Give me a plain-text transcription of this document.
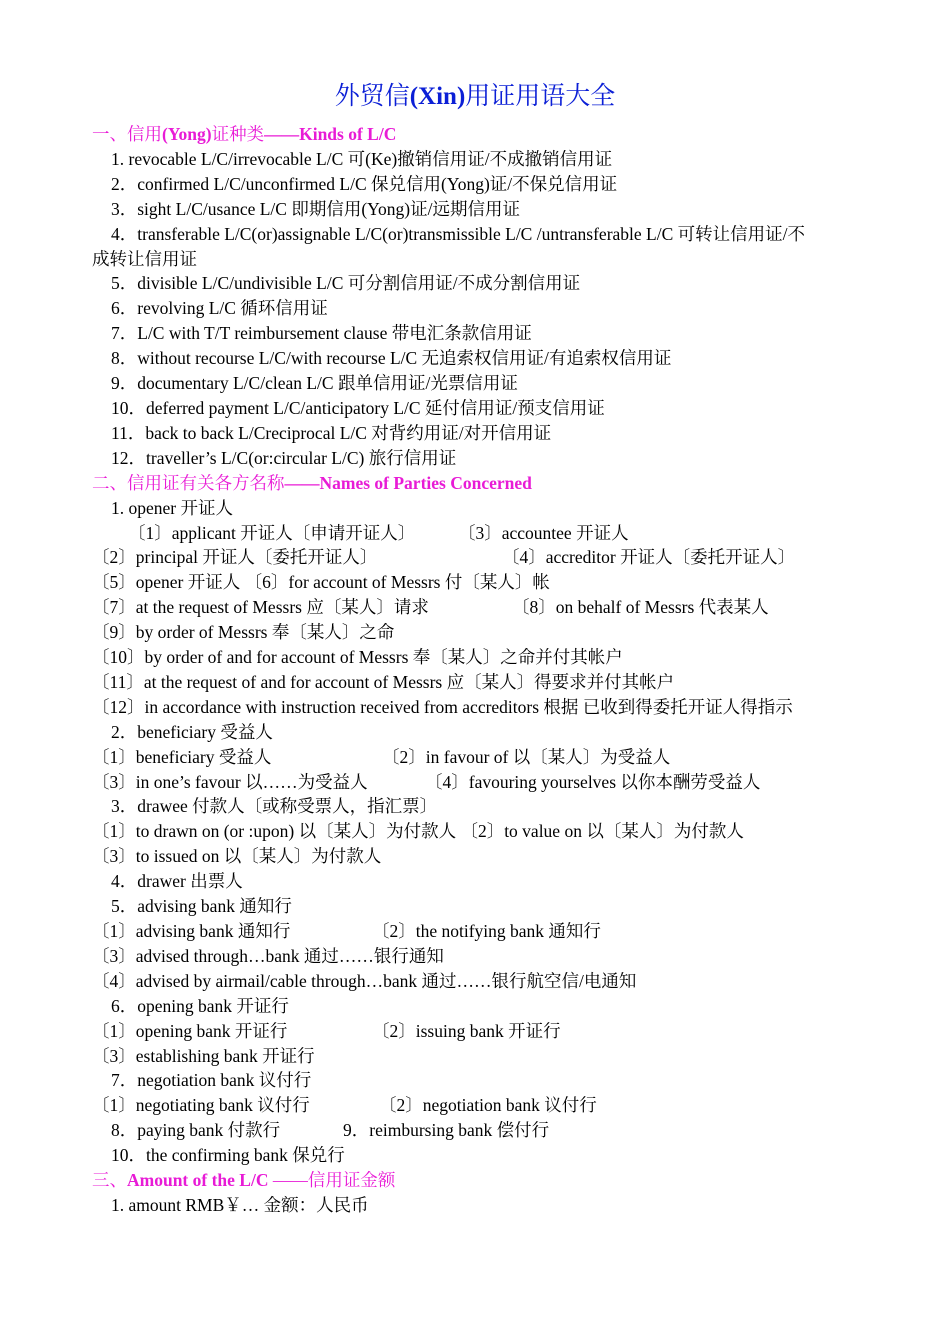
外贸信(Xin)用证用语大全
一、信用(Yong)证种类——Kinds of L/C
1. revocable L/C/irrevocable L/C 可(Ke)撤销信用证/不成撤销信用证
2．confirmed L/C/unconfirmed L/C 保兑信用(Yong)证/不保兑信用证
3．sight L/C/usance L/C 即期信用(Yong)证/远期信用证
4．transferable L/C(or)assignable L/C(or)transmissible L/C /untransferable L/C 可转让信用证/不
成转让信用证
5．divisible L/C/undivisible L/C 可分割信用证/不成分割信用证
6．revolving L/C 循环信用证
7．L/C with T/T reimbursement clause 带电汇条款信用证
8．without recourse L/C/with recourse L/C 无追索权信用证/有追索权信用证
9．documentary L/C/clean L/C 跟单信用证/光票信用证
10．deferred payment L/C/anticipatory L/C 延付信用证/预支信用证
11．back to back L/Creciprocal L/C 对背约用证/对开信用证
12．traveller’s L/C(or:circular L/C) 旅行信用证
二、信用证有关各方名称——Names of Parties Concerned
1. opener 开证人
〔1〕applicant 开证人〔申请开证人〕 〔3〕accountee 开证人
〔2〕principal 开证人〔委托开证人〕	〔4〕accreditor 开证人〔委托开证人〕
〔5〕opener 开证人 〔6〕for account of Messrs 付〔某人〕帐
〔7〕at the request of Messrs 应〔某人〕请求	〔8〕on behalf of Messrs 代表某人
〔9〕by order of Messrs 奉〔某人〕之命
〔10〕by order of and for account of Messrs 奉〔某人〕之命并付其帐户
〔11〕at the request of and for account of Messrs 应〔某人〕得要求并付其帐户
〔12〕in accordance with instruction received from accreditors 根据 已收到得委托开证人得指示
2．beneficiary 受益人
〔1〕beneficiary 受益人	〔2〕in favour of 以〔某人〕为受益人
〔3〕in one’s favour 以……为受益人	〔4〕favouring yourselves 以你本酬劳受益人
3．drawee 付款人〔或称受票人，指汇票〕
〔1〕to drawn on (or :upon) 以〔某人〕为付款人 〔2〕to value on 以〔某人〕为付款人
〔3〕to issued on 以〔某人〕为付款人
4．drawer 出票人
5．advising bank 通知行
〔1〕advising bank 通知行	〔2〕the notifying bank 通知行
〔3〕advised through…bank 通过……银行通知
〔4〕advised by airmail/cable through…bank 通过……银行航空信/电通知
6．opening bank 开证行
〔1〕opening bank 开证行	〔2〕issuing bank 开证行
〔3〕establishing bank 开证行
7．negotiation bank 议付行
〔1〕negotiating bank 议付行	〔2〕negotiation bank 议付行
8．paying bank 付款行	9．reimbursing bank 偿付行
10．the confirming bank 保兑行
三、Amount of the L/C ——信用证金额
1. amount RMB￥… 金额：人民币
